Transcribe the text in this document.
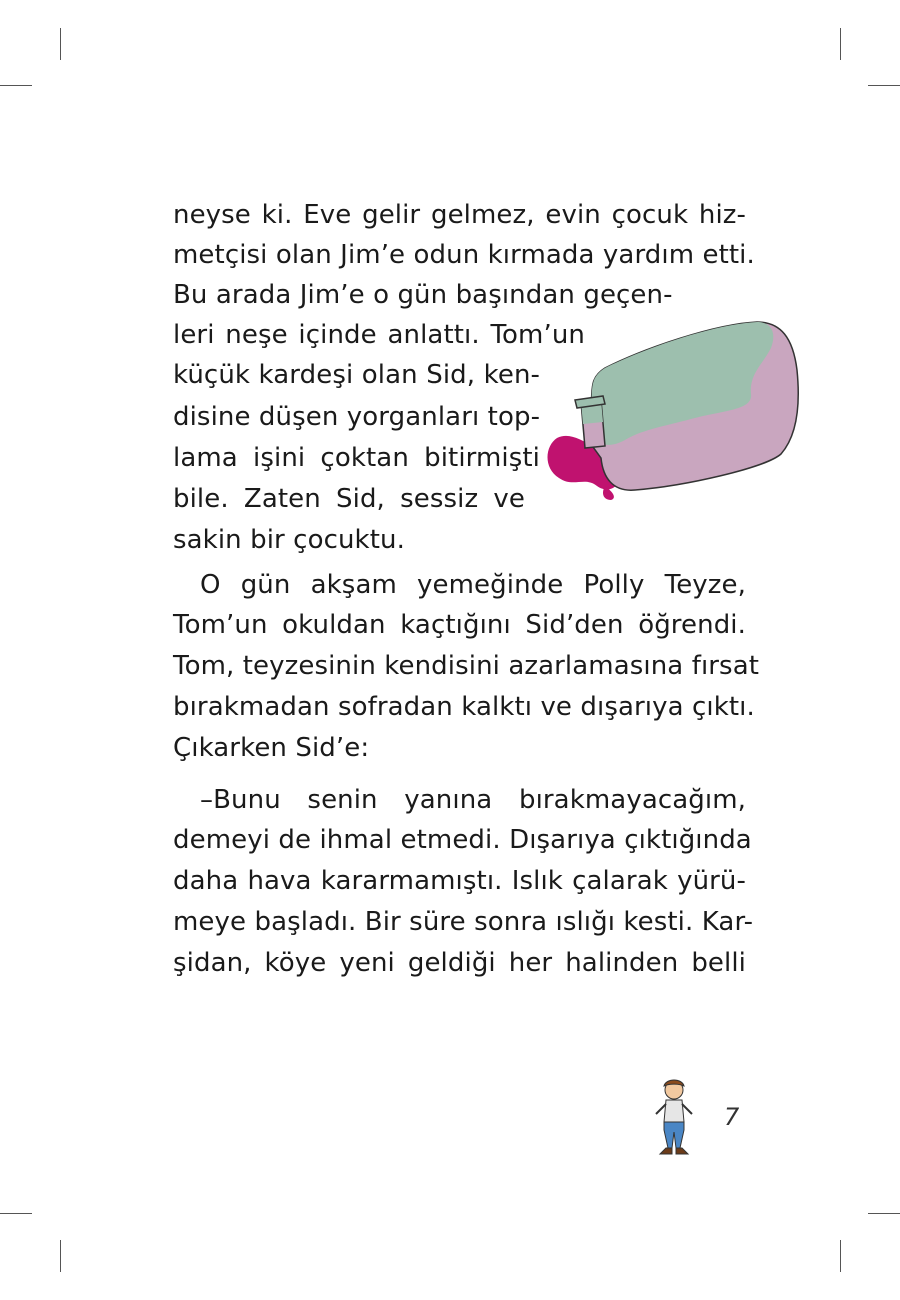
neyse ki. Eve gelir gelmez, evin çocuk hiz-
metçisi olan Jim’e odun kırmada yardım etti.
Bu arada Jim’e o gün başından geçen-
leri neşe içinde anlattı. Tom’un
küçük kardeşi olan Sid, ken-
disine düşen yorganları top-
lama işini çoktan bitirmişti
bile. Zaten Sid, sessiz ve
sakin bir çocuktu.
O gün akşam yemeğinde Polly Teyze,
Tom’un okuldan kaçtığını Sid’den öğrendi.
Tom, teyzesinin kendisini azarlamasına fırsat
bırakmadan sofradan kalktı ve dışarıya çıktı.
Çıkarken Sid’e:
–Bunu senin yanına bırakmayacağım,
demeyi de ihmal etmedi. Dışarıya çıktığında
daha hava kararmamıştı. Islık çalarak yürü-
meye başladı. Bir süre sonra ıslığı kesti. Kar-
şidan, köye yeni geldiği her halinden belli
7
